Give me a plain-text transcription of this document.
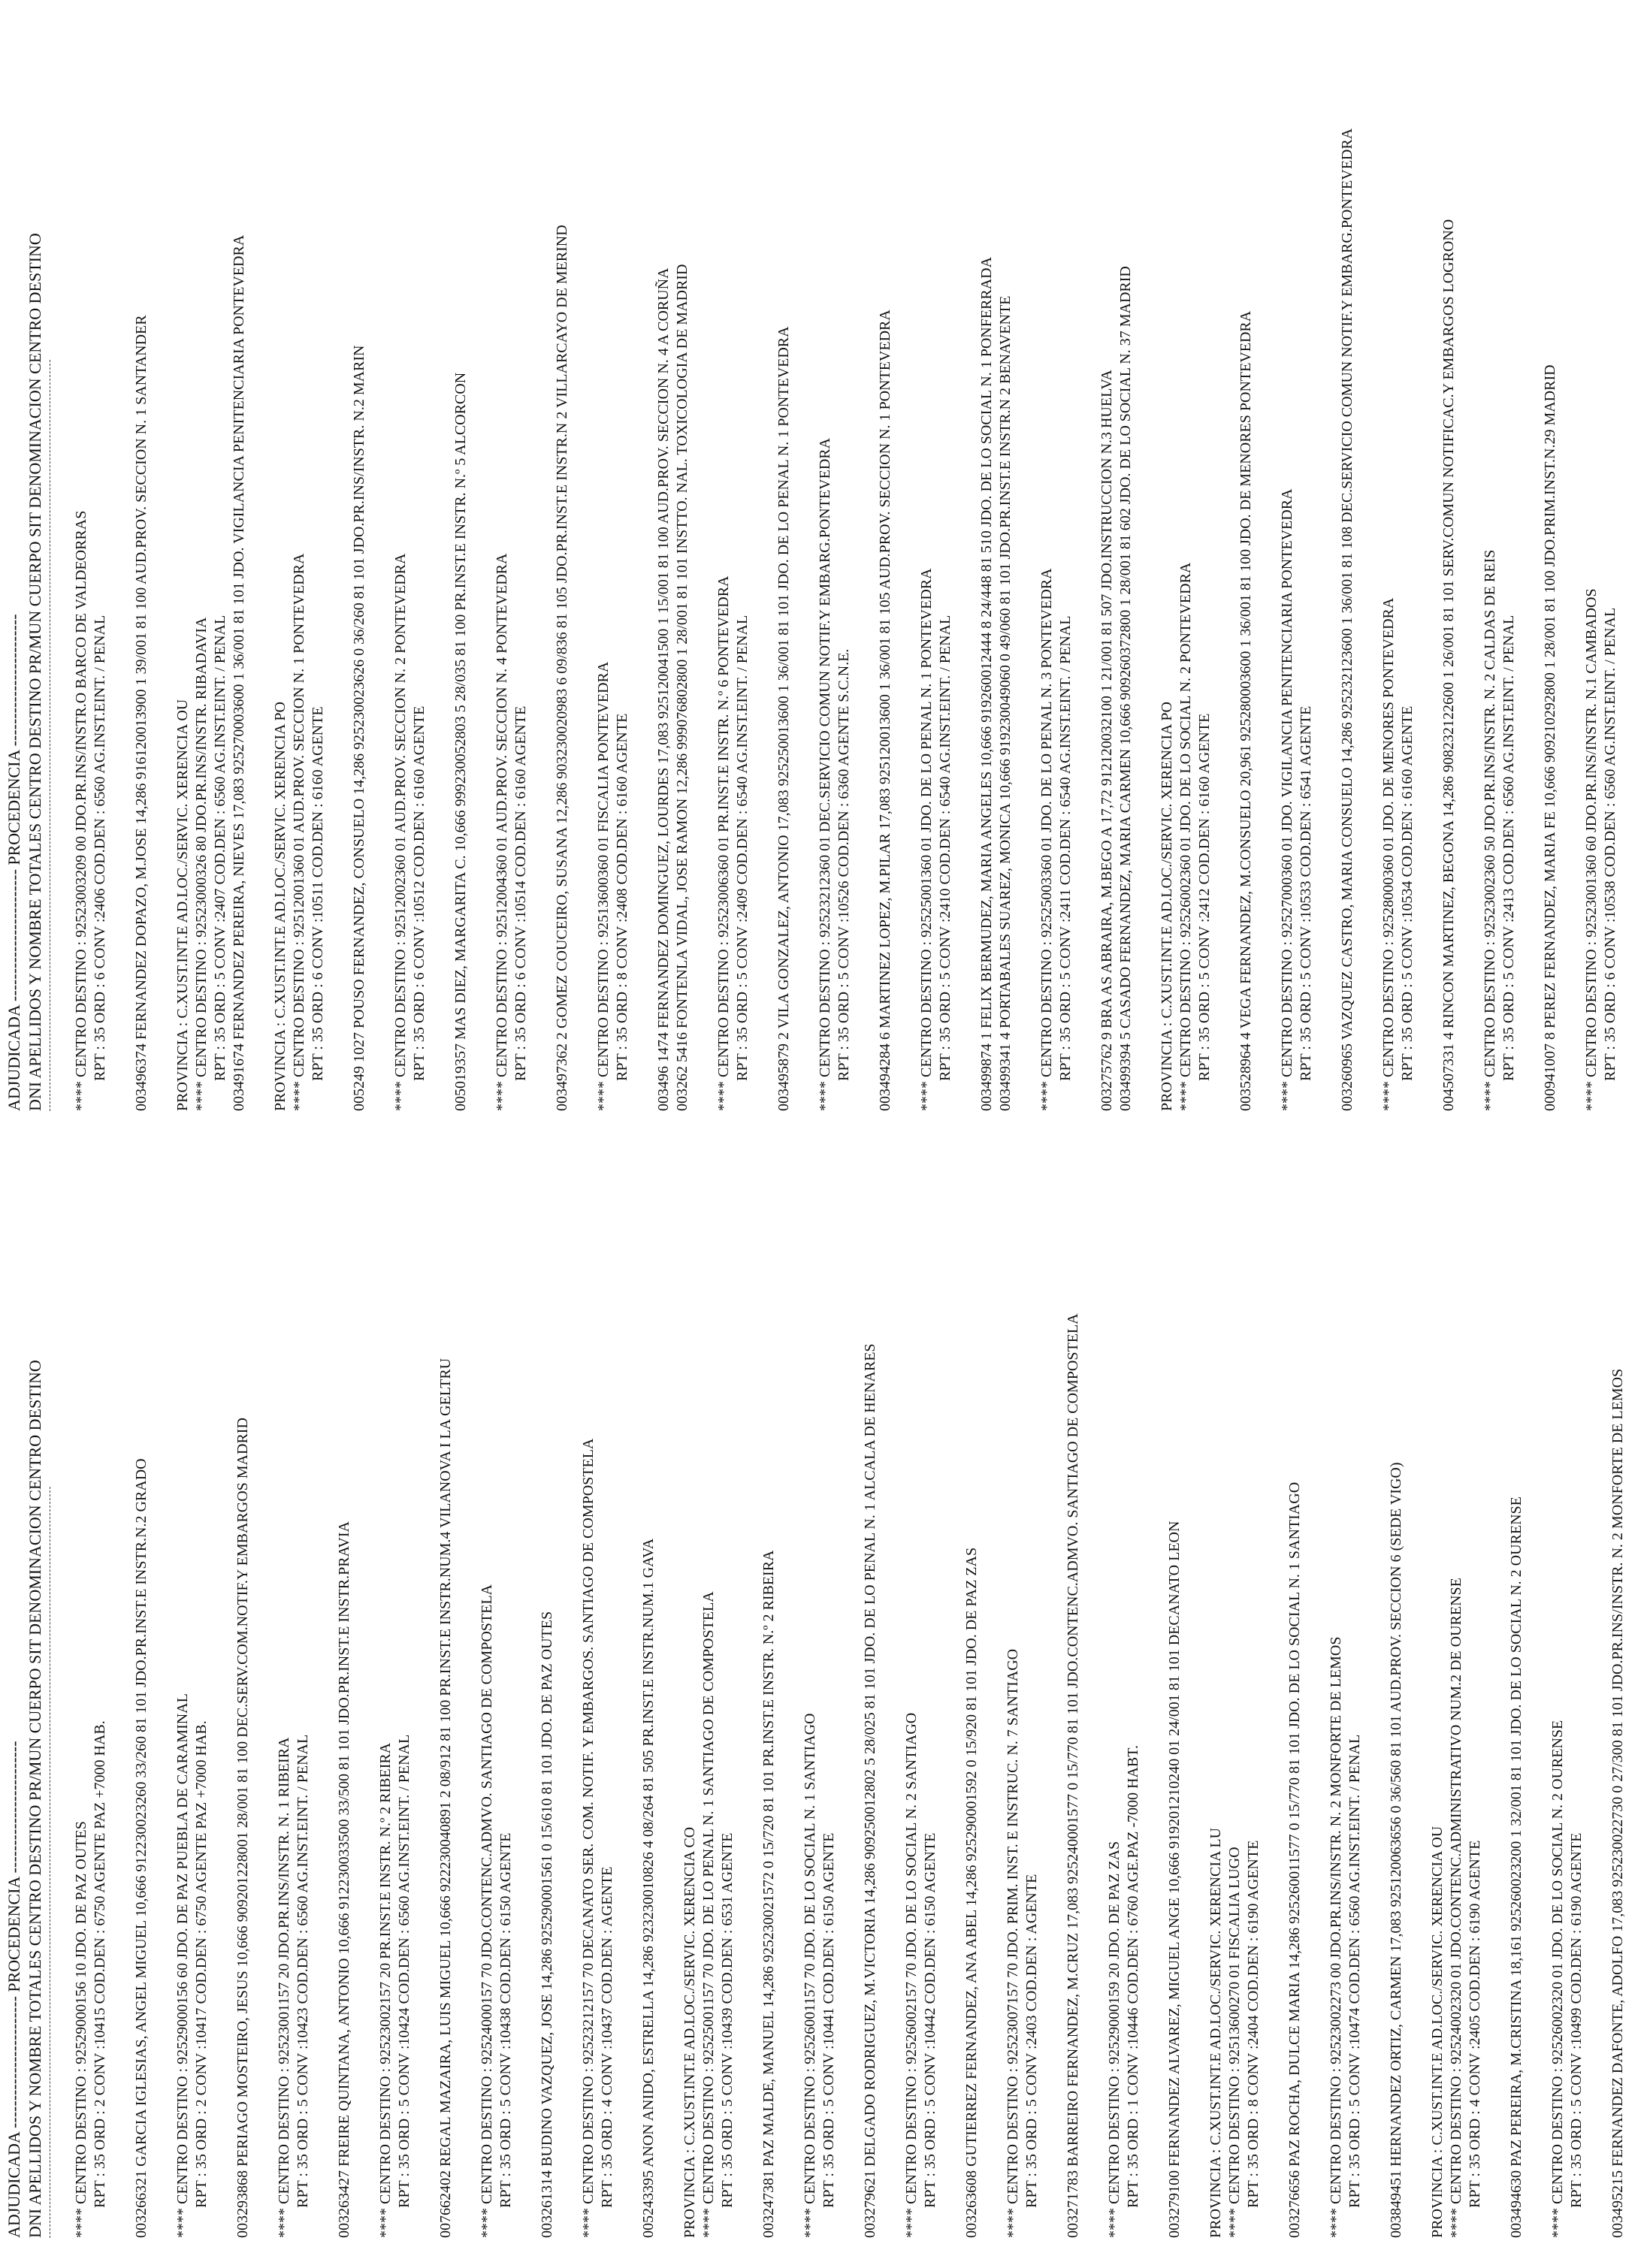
ADJUDICADA ------------------------ PROCEDENCIA ------------------------ DNI APELLIDOS Y NOMBRE TOTALES CENTRO DESTINO PR/MUN CUERPO SIT DENOMINACION CENTRO DESTINO **** CENTRO DESTINO : 92529000156 10 JDO. DE PAZ OUTES RPT : 35 ORD : 2 CONV :10415 COD.DEN : 6750 AGENTE PAZ +7000 HAB. 003266321 GARCIA IGLESIAS, ANGEL MIGUEL 10,666 912230023260 33/260 81 101 JDO.PR.INST.E INSTR.N.2 GRADO **** CENTRO DESTINO : 92529000156 60 JDO. DE PAZ PUEBLA DE CARAMINAL RPT : 35 ORD : 2 CONV :10417 COD.DEN : 6750 AGENTE PAZ +7000 HAB. 003293868 PERIAGO MOSTEIRO, JESUS 10,666 909201228001 28/001 81 100 DEC.SERV.COM.NOTIF.Y EMBARGOS MADRID **** CENTRO DESTINO : 92523001157 20 JDO.PR.INS/INSTR. N. 1 RIBEIRA RPT : 35 ORD : 5 CONV :10423 COD.DEN : 6560 AG.INST.EINT. / PENAL 003263427 FREIRE QUINTANA, ANTONIO 10,666 912230033500 33/500 81 101 JDO.PR.INST.E INSTR.PRAVIA **** CENTRO DESTINO : 92523002157 20 PR.INST.E INSTR. N.º 2 RIBEIRA RPT : 35 ORD : 5 CONV :10424 COD.DEN : 6560 AG.INST.EINT. / PENAL 007662402 REGAL MAZAIRA, LUIS MIGUEL 10,666 922230040891 2 08/912 81 100 PR.INST.E INSTR.NUM.4 VILANOVA I LA GELTRU **** CENTRO DESTINO : 92524000157 70 JDO.CONTENC.ADMVO. SANTIAGO DE COMPOSTELA RPT : 35 ORD : 5 CONV :10438 COD.DEN : 6150 AGENTE 003261314 BUDINO VAZQUEZ, JOSE 14,286 925290001561 0 15/610 81 101 JDO. DE PAZ OUTES **** CENTRO DESTINO : 92523212157 70 DECANATO SER. COM. NOTIF. Y EMBARGOS. SANTIAGO DE COMPOSTELA RPT : 35 ORD : 4 CONV :10437 COD.DEN : AGENTE 005243395 ANON ANIDO, ESTRELLA 14,286 923230010826 4 08/264 81 505 PR.INST.E INSTR.NUM.1 GAVA PROVINCIA : C.XUST.INT.E AD.LOC./SERVIC. XERENCIA CO **** CENTRO DESTINO : 92525001157 70 JDO. DE LO PENAL N. 1 SANTIAGO DE COMPOSTELA RPT : 35 ORD : 5 CONV :10439 COD.DEN : 6531 AGENTE 003247381 PAZ MALDE, MANUEL 14,286 925230021572 0 15/720 81 101 PR.INST.E INSTR. N.º 2 RIBEIRA **** CENTRO DESTINO : 92526001157 70 JDO. DE LO SOCIAL N. 1 SANTIAGO RPT : 35 ORD : 5 CONV :10441 COD.DEN : 6150 AGENTE 003279621 DELGADO RODRIGUEZ, M.VICTORIA 14,286 909250012802 5 28/025 81 101 JDO. DE LO PENAL N. 1 ALCALA DE HENARES **** CENTRO DESTINO : 92526002157 70 JDO. DE LO SOCIAL N. 2 SANTIAGO RPT : 35 ORD : 5 CONV :10442 COD.DEN : 6150 AGENTE 003263608 GUTIERREZ FERNANDEZ, ANA ABEL 14,286 925290001592 0 15/920 81 101 JDO. DE PAZ ZAS **** CENTRO DESTINO : 92523007157 70 JDO. PRIM. INST. E INSTRUC. N. 7 SANTIAGO RPT : 35 ORD : 5 CONV :2403 COD.DEN : AGENTE 003271783 BARREIRO FERNANDEZ, M.CRUZ 17,083 925240001577 0 15/770 81 101 JDO.CONTENC.ADMVO. SANTIAGO DE COMPOSTELA **** CENTRO DESTINO : 92529000159 20 JDO. DE PAZ ZAS RPT : 35 ORD : 1 CONV :10446 COD.DEN : 6760 AGE.PAZ -7000 HABT. 003279100 FERNANDEZ ALVAREZ, MIGUEL ANGE 10,666 919201210240 01 24/001 81 101 DECANATO LEON PROVINCIA : C.XUST.INT.E AD.LOC./SERVIC. XERENCIA LU **** CENTRO DESTINO : 92513600270 01 FISCALIA LUGO RPT : 35 ORD : 8 CONV :2404 COD.DEN : 6190 AGENTE 003276656 PAZ ROCHA, DULCE MARIA 14,286 925260011577 0 15/770 81 101 JDO. DE LO SOCIAL N. 1 SANTIAGO **** CENTRO DESTINO : 92523002273 00 JDO.PR.INS/INSTR. N. 2 MONFORTE DE LEMOS RPT : 35 ORD : 5 CONV :10474 COD.DEN : 6560 AG.INST.EINT. / PENAL 003849451 HERNANDEZ ORTIZ, CARMEN 17,083 925120063656 0 36/560 81 101 AUD.PROV. SECCION 6 (SEDE VIGO) PROVINCIA : C.XUST.INT.E AD.LOC./SERVIC. XERENCIA OU **** CENTRO DESTINO : 92524002320 01 JDO.CONTENC.ADMINISTRATIVO NUM.2 DE OURENSE RPT : 35 ORD : 4 CONV :2405 COD.DEN : 6190 AGENTE 003494630 PAZ PEREIRA, M.CRISTINA 18,161 925260023200 1 32/001 81 101 JDO. DE LO SOCIAL N. 2 OURENSE **** CENTRO DESTINO : 92526002320 01 JDO. DE LO SOCIAL N. 2 OURENSE RPT : 35 ORD : 5 CONV :10499 COD.DEN : 6190 AGENTE 003495215 FERNANDEZ DAFONTE, ADOLFO 17,083 925230022730 0 27/300 81 101 JDO.PR.INS/INSTR. N. 2 MONFORTE DE LEMOS
ADJUDICADA ------------------------ PROCEDENCIA ------------------------ DNI APELLIDOS Y NOMBRE TOTALES CENTRO DESTINO PR/MUN CUERPO SIT DENOMINACION CENTRO DESTINO **** CENTRO DESTINO : 92523003209 00 JDO.PR.INS/INSTR.O BARCO DE VALDEORRAS RPT : 35 ORD : 6 CONV :2406 COD.DEN : 6560 AG.INST.EINT. / PENAL 003496374 FERNANDEZ DOPAZO, M.JOSE 14,286 916120013900 1 39/001 81 100 AUD.PROV. SECCION N. 1 SANTANDER PROVINCIA : C.XUST.INT.E AD.LOC./SERVIC. XERENCIA OU **** CENTRO DESTINO : 92523000326 80 JDO.PR.INS/INSTR. RIBADAVIA RPT : 35 ORD : 5 CONV :2407 COD.DEN : 6560 AG.INST.EINT. / PENAL 003491674 FERNANDEZ PEREIRA, NIEVES 17,083 925270003600 1 36/001 81 101 JDO. VIGILANCIA PENITENCIARIA PONTEVEDRA PROVINCIA : C.XUST.INT.E AD.LOC./SERVIC. XERENCIA PO **** CENTRO DESTINO : 92512001360 01 AUD.PROV. SECCION N. 1 PONTEVEDRA RPT : 35 ORD : 6 CONV :10511 COD.DEN : 6160 AGENTE 005249 1027 POUSO FERNANDEZ, CONSUELO 14,286 925230023626 0 36/260 81 101 JDO.PR.INS/INSTR. N.2 MARIN **** CENTRO DESTINO : 92512002360 01 AUD.PROV. SECCION N. 2 PONTEVEDRA RPT : 35 ORD : 6 CONV :10512 COD.DEN : 6160 AGENTE 005019357 MAS DIEZ, MARGARITA C. 10,666 999230052803 5 28/035 81 100 PR.INST.E INSTR. N.º 5 ALCORCON **** CENTRO DESTINO : 92512004360 01 AUD.PROV. SECCION N. 4 PONTEVEDRA RPT : 35 ORD : 6 CONV :10514 COD.DEN : 6160 AGENTE 003497362 2 GOMEZ COUCEIRO, SUSANA 12,286 903230020983 6 09/836 81 105 JDO.PR.INST.E INSTR.N 2 VILLARCAYO DE MERIND **** CENTRO DESTINO : 92513600360 01 FISCALIA PONTEVEDRA RPT : 35 ORD : 8 CONV :2408 COD.DEN : 6160 AGENTE 003496 1474 FERNANDEZ DOMINGUEZ, LOURDES 17,083 925120041500 1 15/001 81 100 AUD.PROV. SECCION N. 4 A CORUÑA 003262 5416 FONTENLA VIDAL, JOSE RAMON 12,286 999076802800 1 28/001 81 101 INSTTO. NAL. TOXICOLOGIA DE MADRID **** CENTRO DESTINO : 92523006360 01 PR.INST.E INSTR. N.º 6 PONTEVEDRA RPT : 35 ORD : 5 CONV :2409 COD.DEN : 6540 AG.INST.EINT. / PENAL 003495879 2 VILA GONZALEZ, ANTONIO 17,083 925250013600 1 36/001 81 101 JDO. DE LO PENAL N. 1 PONTEVEDRA **** CENTRO DESTINO : 92523212360 01 DEC.SERVICIO COMUN NOTIF.Y EMBARG.PONTEVEDRA RPT : 35 ORD : 5 CONV :10526 COD.DEN : 6360 AGENTE S.C.N.E. 003494284 6 MARTINEZ LOPEZ, M.PILAR 17,083 925120013600 1 36/001 81 105 AUD.PROV. SECCION N. 1 PONTEVEDRA **** CENTRO DESTINO : 92525001360 01 JDO. DE LO PENAL N. 1 PONTEVEDRA RPT : 35 ORD : 5 CONV :2410 COD.DEN : 6540 AG.INST.EINT. / PENAL 003499874 1 FELIX BERMUDEZ, MARIA ANGELES 10,666 919260012444 8 24/448 81 510 JDO. DE LO SOCIAL N. 1 PONFERRADA 003499341 4 PORTABALES SUAREZ, MONICA 10,666 919230049060 0 49/060 81 101 JDO.PR.INST.E INSTR.N 2 BENAVENTE **** CENTRO DESTINO : 92525003360 01 JDO. DE LO PENAL N. 3 PONTEVEDRA RPT : 35 ORD : 5 CONV :2411 COD.DEN : 6540 AG.INST.EINT. / PENAL 003275762 9 BRA AS ABRAIRA, M.BEGO A 17,72 912120032100 1 21/001 81 507 JDO.INSTRUCCION N.3 HUELVA 003499394 5 CASADO FERNANDEZ, MARIA CARMEN 10,666 909260372800 1 28/001 81 602 JDO. DE LO SOCIAL N. 37 MADRID PROVINCIA : C.XUST.INT.E AD.LOC./SERVIC. XERENCIA PO **** CENTRO DESTINO : 92526002360 01 JDO. DE LO SOCIAL N. 2 PONTEVEDRA RPT : 35 ORD : 5 CONV :2412 COD.DEN : 6160 AGENTE 003528964 4 VEGA FERNANDEZ, M.CONSUELO 20,961 925280003600 1 36/001 81 100 JDO. DE MENORES PONTEVEDRA **** CENTRO DESTINO : 92527000360 01 JDO. VIGILANCIA PENITENCIARIA PONTEVEDRA RPT : 35 ORD : 5 CONV :10533 COD.DEN : 6541 AGENTE 003260965 VAZQUEZ CASTRO, MARIA CONSUELO 14,286 925232123600 1 36/001 81 108 DEC.SERVICIO COMUN NOTIF.Y EMBARG.PONTEVEDRA **** CENTRO DESTINO : 92528000360 01 JDO. DE MENORES PONTEVEDRA RPT : 35 ORD : 5 CONV :10534 COD.DEN : 6160 AGENTE 004507331 4 RINCON MARTINEZ, BEGONA 14,286 908232122600 1 26/001 81 101 SERV.COMUN NOTIFICAC.Y EMBARGOS LOGRONO **** CENTRO DESTINO : 92523002360 50 JDO.PR.INS/INSTR. N. 2 CALDAS DE REIS RPT : 35 ORD : 5 CONV :2413 COD.DEN : 6560 AG.INST.EINT. / PENAL 000941007 8 PEREZ FERNANDEZ, MARIA FE 10,666 909210292800 1 28/001 81 100 JDO.PRIM.INST.N.29 MADRID **** CENTRO DESTINO : 92523001360 60 JDO.PR.INS/INSTR. N.1 CAMBADOS RPT : 35 ORD : 6 CONV :10538 COD.DEN : 6560 AG.INST.EINT. / PENAL
